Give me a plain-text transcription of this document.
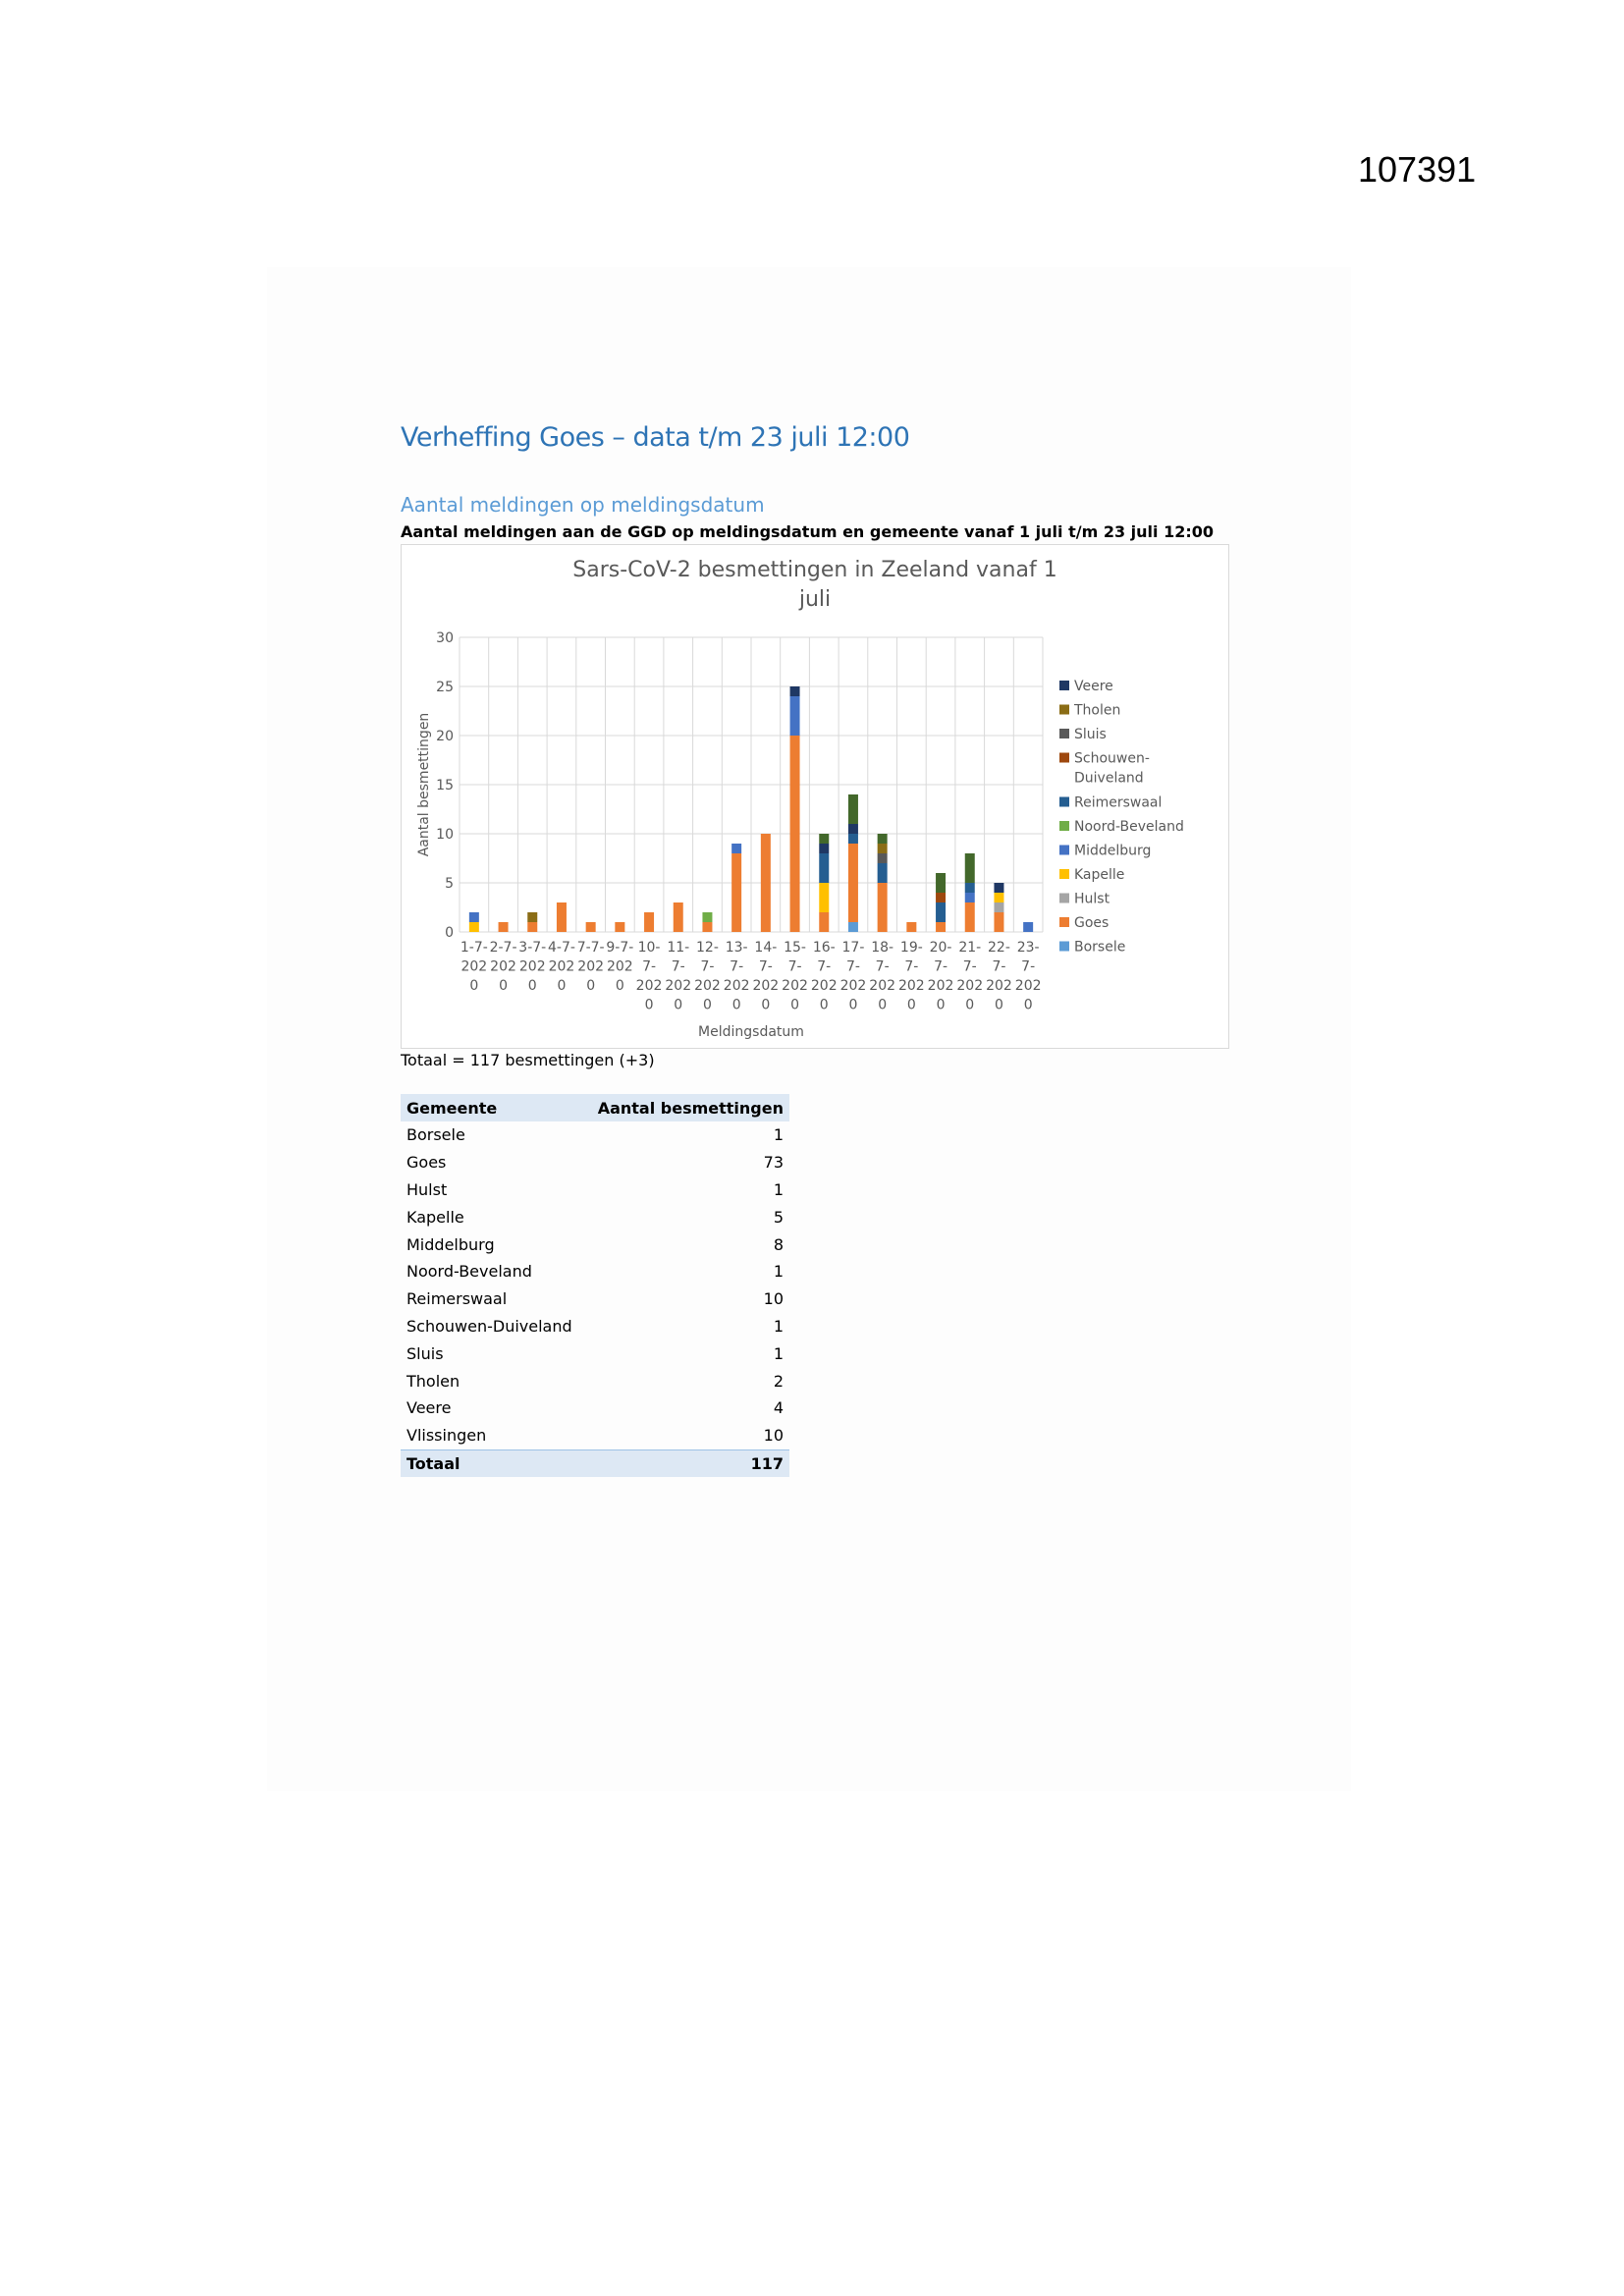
107391
Verheffing Goes – data t/m 23 juli 12:00
Aantal meldingen op meldingsdatum
Aantal meldingen aan de GGD op meldingsdatum en gemeente vanaf 1 juli t/m 23 juli 12:00
Sars-CoV-2 besmettingen in Zeeland vanaf 1
juli
0
5
10
15
20
25
30
Aantal besmettingen
1-7-
202
0
2-7-
202
0
3-7-
202
0
4-7-
202
0
7-7-
202
0
9-7-
202
0
10-
7-
202
0
11-
7-
202
0
12-
7-
202
0
13-
7-
202
0
14-
7-
202
0
15-
7-
202
0
16-
7-
202
0
17-
7-
202
0
18-
7-
202
0
19-
7-
202
0
20-
7-
202
0
21-
7-
202
0
22-
7-
202
0
23-
7-
202
0
Meldingsdatum
Veere
Tholen
Sluis
Schouwen-
Duiveland
Reimerswaal
Noord-Beveland
Middelburg
Kapelle
Hulst
Goes
Borsele
Totaal = 117 besmettingen (+3)
Gemeente	Aantal besmettingen
Borsele	1
Goes	73
Hulst	1
Kapelle	5
Middelburg	8
Noord-Beveland	1
Reimerswaal	10
Schouwen-Duiveland	1
Sluis	1
Tholen	2
Veere	4
Vlissingen	10
Totaal	117
